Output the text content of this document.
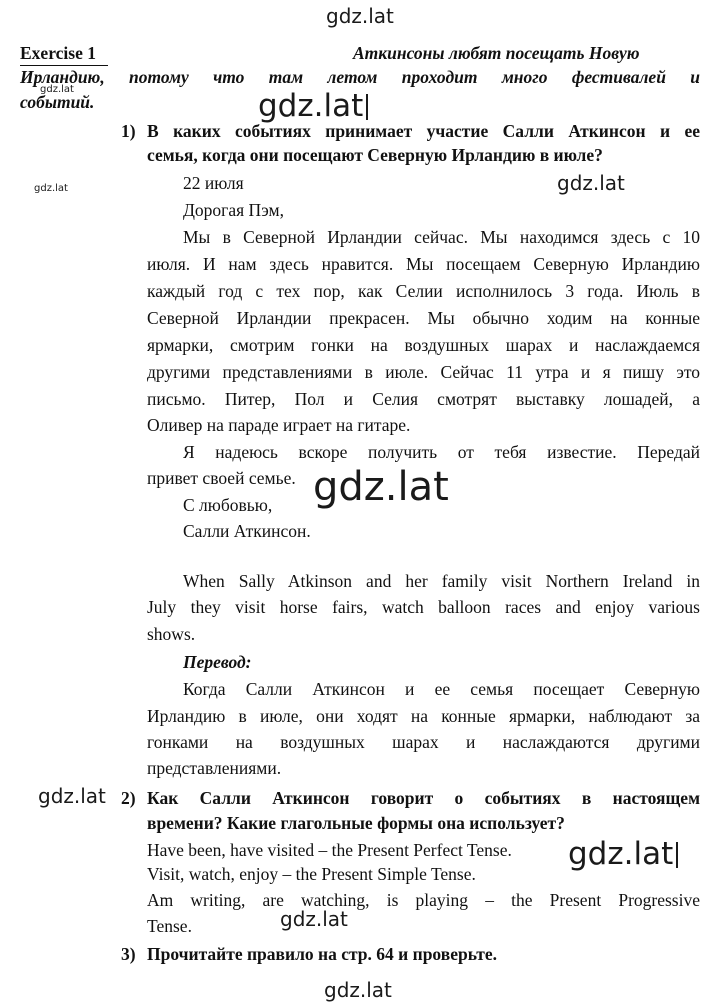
gdz.lat
gdz.lat	gdz.lat
gdz.lat	gdz.lat
Exercise 1	Аткинсоны любят посещать Новую
Ирландию, потому что там летом проходит много фестивалей и
событий.
1) В каких событиях принимает участие Салли Аткинсон и ее
семья, когда они посещают Северную Ирландию в июле?
22 июля
Дорогая Пэм,
Мы в Северной Ирландии сейчас. Мы находимся здесь с 10
июля. И нам здесь нравится. Мы посещаем Северную Ирландию
каждый год с тех пор, как Селии исполнилось 3 года. Июль в
Северной Ирландии прекрасен. Мы обычно ходим на конные
ярмарки, смотрим гонки на воздушных шарах и наслаждаемся
другими представлениями в июле. Сейчас 11 утра и я пишу это
письмо. Питер, Пол и Селия смотрят выставку лошадей, а
Оливер на параде играет на гитаре.
Я надеюсь вскоре получить от тебя известие. Передай
привет своей семье.
С любовью,
Салли Аткинсон.
gdz.lat
When Sally Atkinson and her family visit Northern Ireland in
July they visit horse fairs, watch balloon races and enjoy various
shows.
Перевод:
Когда Салли Аткинсон и ее семья посещает Северную
Ирландию в июле, они ходят на конные ярмарки, наблюдают за
гонками на воздушных шарах и наслаждаются другими
представлениями.
gdz.lat 2) Как Салли Аткинсон говорит о событиях в настоящем
времени? Какие глагольные формы она использует?
Have been, have visited – the Present Perfect Tense.
Visit, watch, enjoy – the Present Simple Tense.
Am writing, are watching, is playing – the Present Progressive
Tense.
gdz.lat
gdz.lat
3) Прочитайте правило на стр. 64 и проверьте.
gdz.lat
